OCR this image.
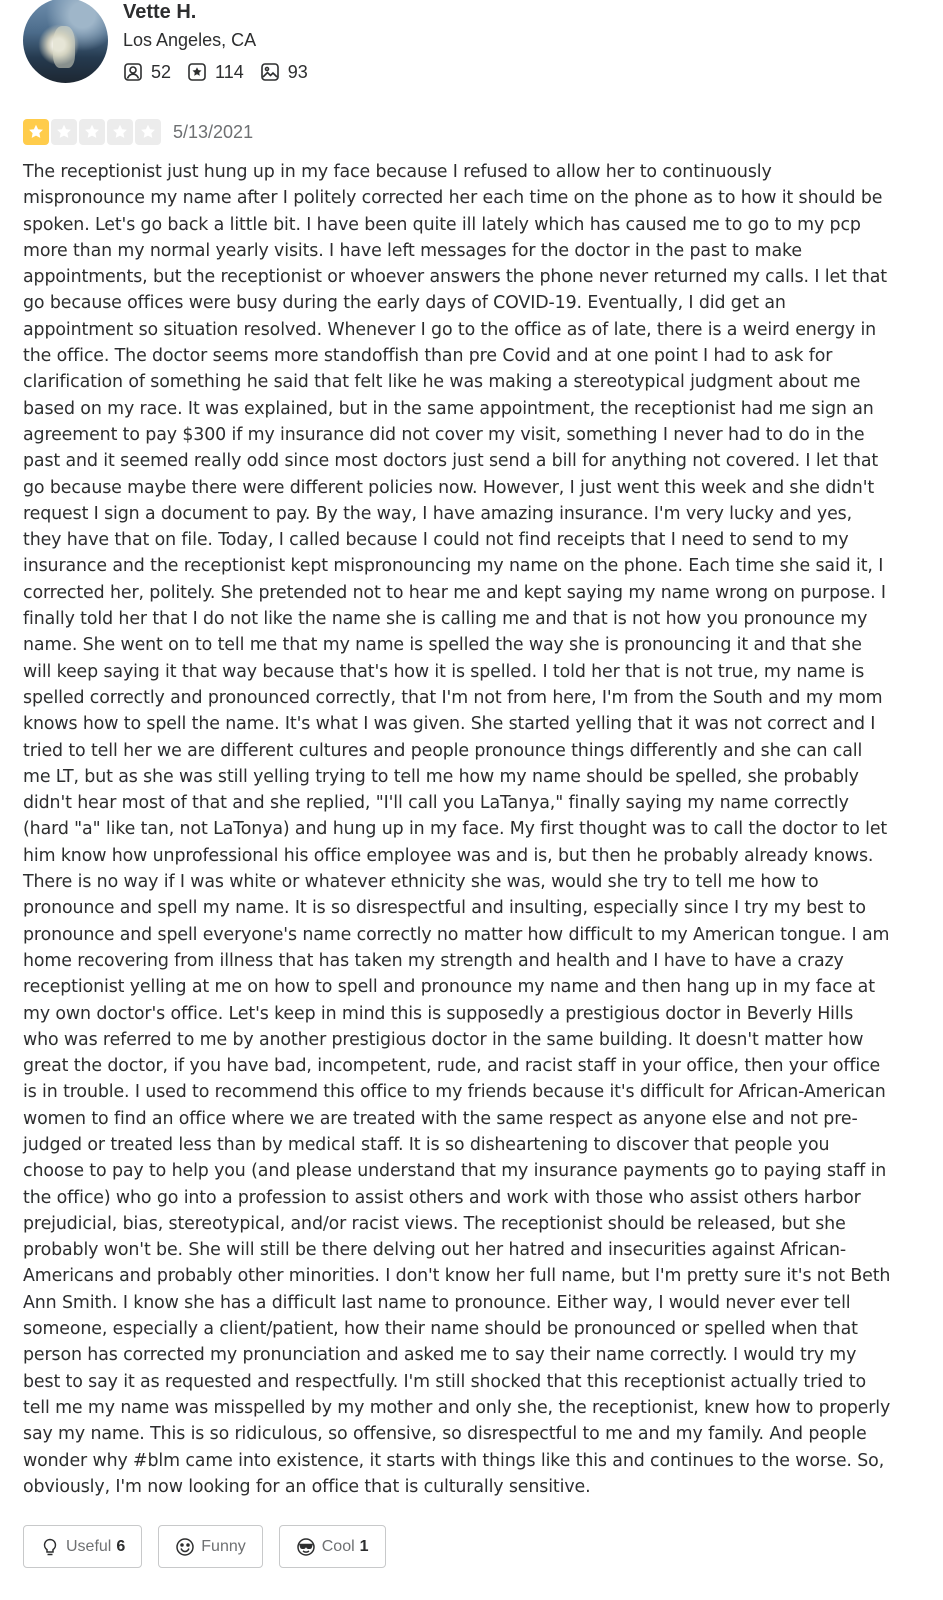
Vette H.
Los Angeles, CA
52 114 93
5/13/2021

The receptionist just hung up in my face because I refused to allow her to continuously mispronounce my name after I politely corrected her each time on the phone as to how it should be spoken. Let's go back a little bit. I have been quite ill lately which has caused me to go to my pcp more than my normal yearly visits. I have left messages for the doctor in the past to make appointments, but the receptionist or whoever answers the phone never returned my calls. I let that go because offices were busy during the early days of COVID-19. Eventually, I did get an appointment so situation resolved. Whenever I go to the office as of late, there is a weird energy in the office. The doctor seems more standoffish than pre Covid and at one point I had to ask for clarification of something he said that felt like he was making a stereotypical judgment about me based on my race. It was explained, but in the same appointment, the receptionist had me sign an agreement to pay $300 if my insurance did not cover my visit, something I never had to do in the past and it seemed really odd since most doctors just send a bill for anything not covered. I let that go because maybe there were different policies now. However, I just went this week and she didn't request I sign a document to pay. By the way, I have amazing insurance. I'm very lucky and yes, they have that on file. Today, I called because I could not find receipts that I need to send to my insurance and the receptionist kept mispronouncing my name on the phone. Each time she said it, I corrected her, politely. She pretended not to hear me and kept saying my name wrong on purpose. I finally told her that I do not like the name she is calling me and that is not how you pronounce my name. She went on to tell me that my name is spelled the way she is pronouncing it and that she will keep saying it that way because that's how it is spelled. I told her that is not true, my name is spelled correctly and pronounced correctly, that I'm not from here, I'm from the South and my mom knows how to spell the name. It's what I was given. She started yelling that it was not correct and I tried to tell her we are different cultures and people pronounce things differently and she can call me LT, but as she was still yelling trying to tell me how my name should be spelled, she probably didn't hear most of that and she replied, "I'll call you LaTanya," finally saying my name correctly (hard "a" like tan, not LaTonya) and hung up in my face. My first thought was to call the doctor to let him know how unprofessional his office employee was and is, but then he probably already knows. There is no way if I was white or whatever ethnicity she was, would she try to tell me how to pronounce and spell my name. It is so disrespectful and insulting, especially since I try my best to pronounce and spell everyone's name correctly no matter how difficult to my American tongue. I am home recovering from illness that has taken my strength and health and I have to have a crazy receptionist yelling at me on how to spell and pronounce my name and then hang up in my face at my own doctor's office. Let's keep in mind this is supposedly a prestigious doctor in Beverly Hills who was referred to me by another prestigious doctor in the same building. It doesn't matter how great the doctor, if you have bad, incompetent, rude, and racist staff in your office, then your office is in trouble. I used to recommend this office to my friends because it's difficult for African-American women to find an office where we are treated with the same respect as anyone else and not pre-judged or treated less than by medical staff. It is so disheartening to discover that people you choose to pay to help you (and please understand that my insurance payments go to paying staff in the office) who go into a profession to assist others and work with those who assist others harbor prejudicial, bias, stereotypical, and/or racist views. The receptionist should be released, but she probably won't be. She will still be there delving out her hatred and insecurities against African-Americans and probably other minorities. I don't know her full name, but I'm pretty sure it's not Beth Ann Smith. I know she has a difficult last name to pronounce. Either way, I would never ever tell someone, especially a client/patient, how their name should be pronounced or spelled when that person has corrected my pronunciation and asked me to say their name correctly. I would try my best to say it as requested and respectfully. I'm still shocked that this receptionist actually tried to tell me my name was misspelled by my mother and only she, the receptionist, knew how to properly say my name. This is so ridiculous, so offensive, so disrespectful to me and my family. And people wonder why #blm came into existence, it starts with things like this and continues to the worse. So, obviously, I'm now looking for an office that is culturally sensitive.

Useful 6	Funny	Cool 1
